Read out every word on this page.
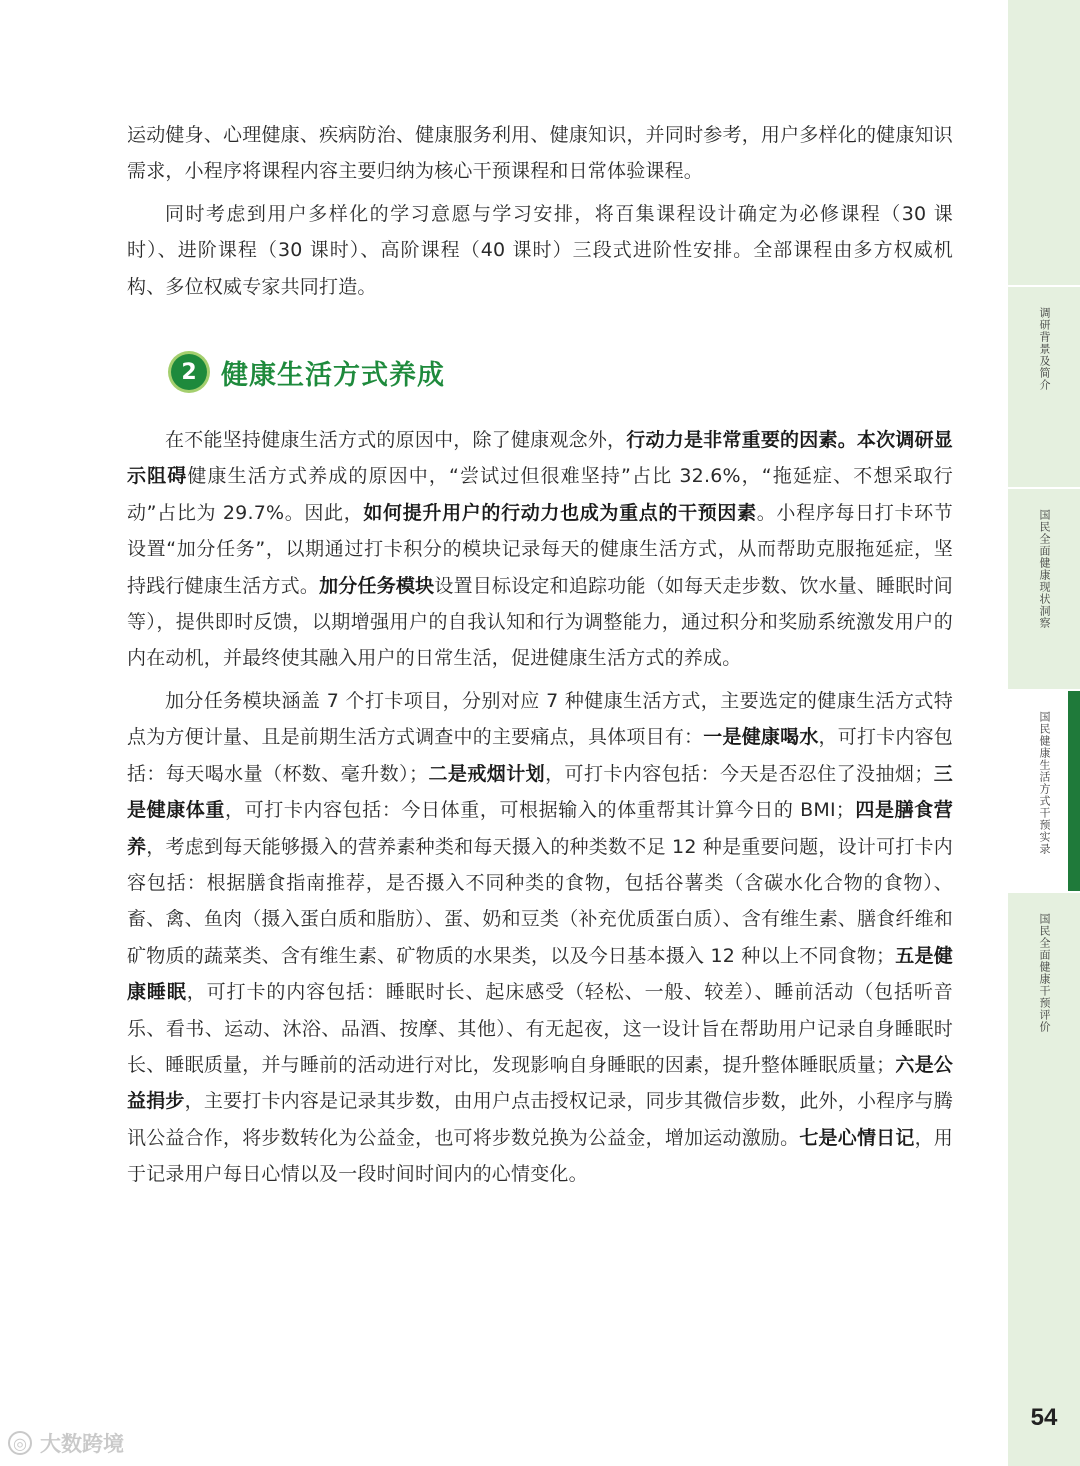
运动健身、心理健康、疾病防治、健康服务利用、健康知识，并同时参考，用户多样化的健康知识需求，小程序将课程内容主要归纳为核心干预课程和日常体验课程。

同时考虑到用户多样化的学习意愿与学习安排，将百集课程设计确定为必修课程（30 课时）、进阶课程（30 课时）、高阶课程（40 课时）三段式进阶性安排。全部课程由多方权威机构、多位权威专家共同打造。

2 健康生活方式养成

在不能坚持健康生活方式的原因中，除了健康观念外，行动力是非常重要的因素。本次调研显示阻碍健康生活方式养成的原因中，“尝试过但很难坚持”占比 32.6%，“拖延症、不想采取行动”占比为 29.7%。因此，如何提升用户的行动力也成为重点的干预因素。小程序每日打卡环节设置“加分任务”，以期通过打卡积分的模块记录每天的健康生活方式，从而帮助克服拖延症，坚持践行健康生活方式。加分任务模块设置目标设定和追踪功能（如每天走步数、饮水量、睡眠时间等），提供即时反馈，以期增强用户的自我认知和行为调整能力，通过积分和奖励系统激发用户的内在动机，并最终使其融入用户的日常生活，促进健康生活方式的养成。

加分任务模块涵盖 7 个打卡项目，分别对应 7 种健康生活方式，主要选定的健康生活方式特点为方便计量、且是前期生活方式调查中的主要痛点，具体项目有：一是健康喝水，可打卡内容包括：每天喝水量（杯数、毫升数）；二是戒烟计划，可打卡内容包括：今天是否忍住了没抽烟；三是健康体重，可打卡内容包括：今日体重，可根据输入的体重帮其计算今日的 BMI；四是膳食营养，考虑到每天能够摄入的营养素种类和每天摄入的种类数不足 12 种是重要问题，设计可打卡内容包括：根据膳食指南推荐，是否摄入不同种类的食物，包括谷薯类（含碳水化合物的食物）、畜、禽、鱼肉（摄入蛋白质和脂肪）、蛋、奶和豆类（补充优质蛋白质）、含有维生素、膳食纤维和矿物质的蔬菜类、含有维生素、矿物质的水果类，以及今日基本摄入 12 种以上不同食物；五是健康睡眠，可打卡的内容包括：睡眠时长、起床感受（轻松、一般、较差）、睡前活动（包括听音乐、看书、运动、沐浴、品酒、按摩、其他）、有无起夜，这一设计旨在帮助用户记录自身睡眠时长、睡眠质量，并与睡前的活动进行对比，发现影响自身睡眠的因素，提升整体睡眠质量；六是公益捐步，主要打卡内容是记录其步数，由用户点击授权记录，同步其微信步数，此外，小程序与腾讯公益合作，将步数转化为公益金，也可将步数兑换为公益金，增加运动激励。七是心情日记，用于记录用户每日心情以及一段时间时间内的心情变化。

调研背景及简介
国民全面健康现状洞察
国民健康生活方式干预实录
国民全面健康干预评价
54
◎ 大数跨境
